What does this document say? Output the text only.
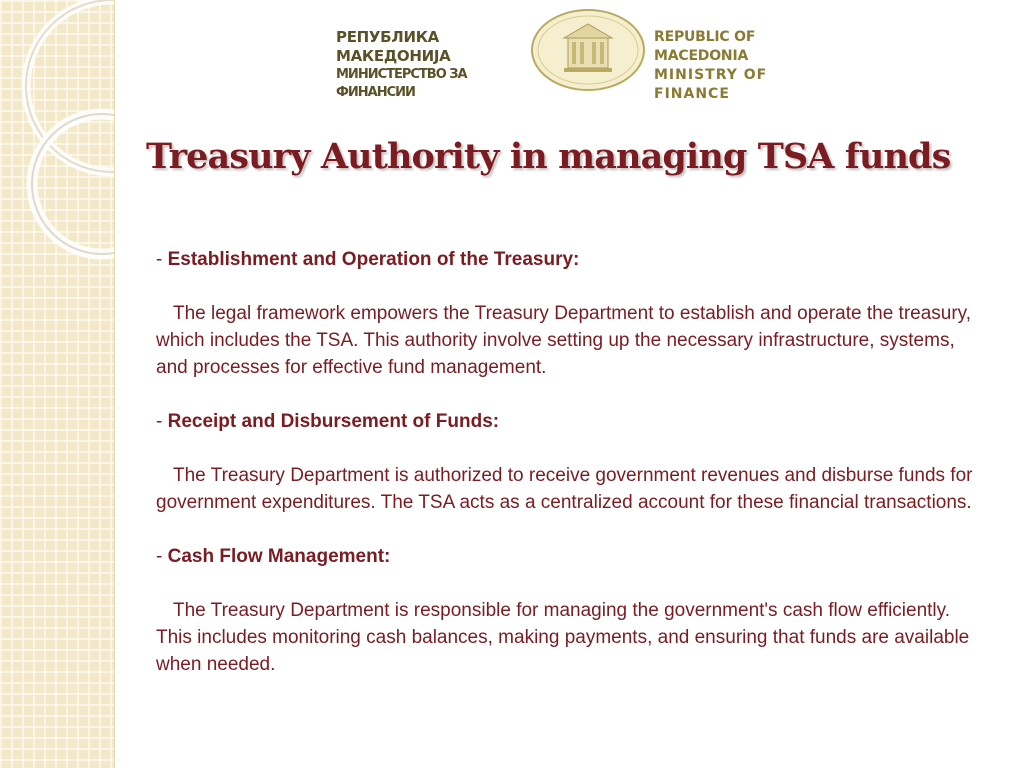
РЕПУБЛИКА МАКЕДОНИЈА
МИНИСТЕРСТВО ЗА ФИНАНСИИ
REPUBLIC OF MACEDONIA
MINISTRY OF FINANCE
Treasury Authority in managing TSA funds

- Establishment and Operation of the Treasury:

The legal framework empowers the Treasury Department to establish and operate the treasury, which includes the TSA. This authority involve setting up the necessary infrastructure, systems, and processes for effective fund management.

- Receipt and Disbursement of Funds:

The Treasury Department is authorized to receive government revenues and disburse funds for government expenditures. The TSA acts as a centralized account for these financial transactions.

- Cash Flow Management:

The Treasury Department is responsible for managing the government's cash flow efficiently. This includes monitoring cash balances, making payments, and ensuring that funds are available when needed.
